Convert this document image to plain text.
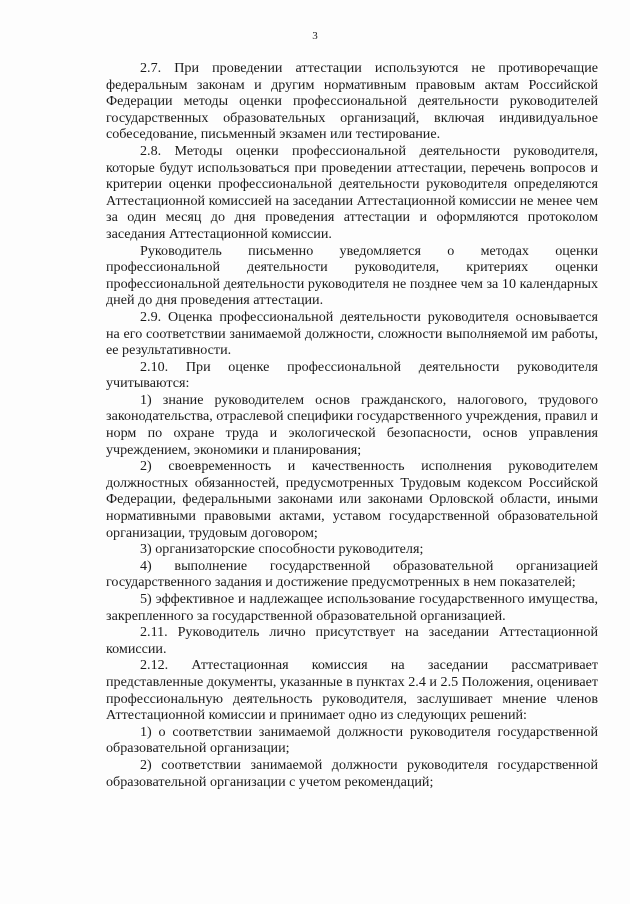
3

2.7. При проведении аттестации используются не противоречащие федеральным законам и другим нормативным правовым актам Российской Федерации методы оценки профессиональной деятельности руководителей государственных образовательных организаций, включая индивидуальное собеседование, письменный экзамен или тестирование.

2.8. Методы оценки профессиональной деятельности руководителя, которые будут использоваться при проведении аттестации, перечень вопросов и критерии оценки профессиональной деятельности руководителя определяются Аттестационной комиссией на заседании Аттестационной комиссии не менее чем за один месяц до дня проведения аттестации и оформляются протоколом заседания Аттестационной комиссии.

Руководитель письменно уведомляется о методах оценки профессиональной деятельности руководителя, критериях оценки профессиональной деятельности руководителя не позднее чем за 10 календарных дней до дня проведения аттестации.

2.9. Оценка профессиональной деятельности руководителя основывается на его соответствии занимаемой должности, сложности выполняемой им работы, ее результативности.

2.10. При оценке профессиональной деятельности руководителя учитываются:

1) знание руководителем основ гражданского, налогового, трудового законодательства, отраслевой специфики государственного учреждения, правил и норм по охране труда и экологической безопасности, основ управления учреждением, экономики и планирования;

2) своевременность и качественность исполнения руководителем должностных обязанностей, предусмотренных Трудовым кодексом Российской Федерации, федеральными законами или законами Орловской области, иными нормативными правовыми актами, уставом государственной образовательной организации, трудовым договором;

3) организаторские способности руководителя;

4) выполнение государственной образовательной организацией государственного задания и достижение предусмотренных в нем показателей;

5) эффективное и надлежащее использование государственного имущества, закрепленного за государственной образовательной организацией.

2.11. Руководитель лично присутствует на заседании Аттестационной комиссии.

2.12. Аттестационная комиссия на заседании рассматривает представленные документы, указанные в пунктах 2.4 и 2.5 Положения, оценивает профессиональную деятельность руководителя, заслушивает мнение членов Аттестационной комиссии и принимает одно из следующих решений:

1) о соответствии занимаемой должности руководителя государственной образовательной организации;

2) соответствии занимаемой должности руководителя государственной образовательной организации с учетом рекомендаций;
